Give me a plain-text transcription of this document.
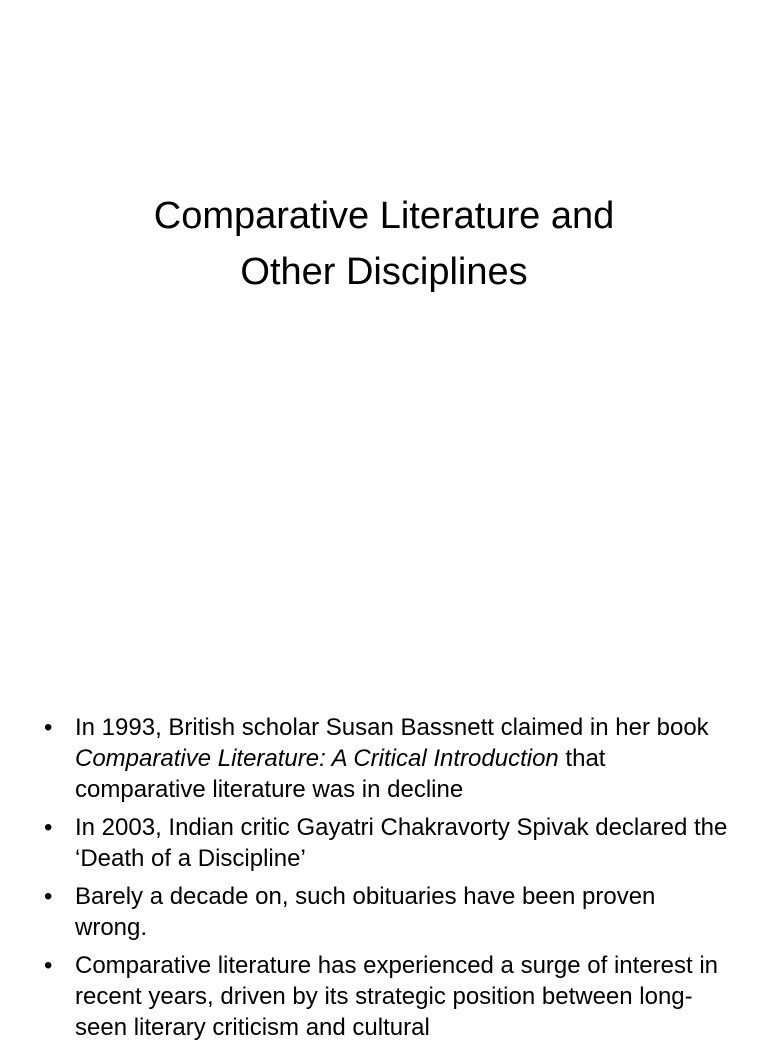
Comparative Literature and
Other Disciplines
• In 1993, British scholar Susan Bassnett claimed in her book Comparative Literature: A Critical Introduction that comparative literature was in decline
• In 2003, Indian critic Gayatri Chakravorty Spivak declared the ‘Death of a Discipline’
• Barely a decade on, such obituaries have been proven wrong.
• Comparative literature has experienced a surge of interest in recent years, driven by its strategic position between long-seen literary criticism and cultural
